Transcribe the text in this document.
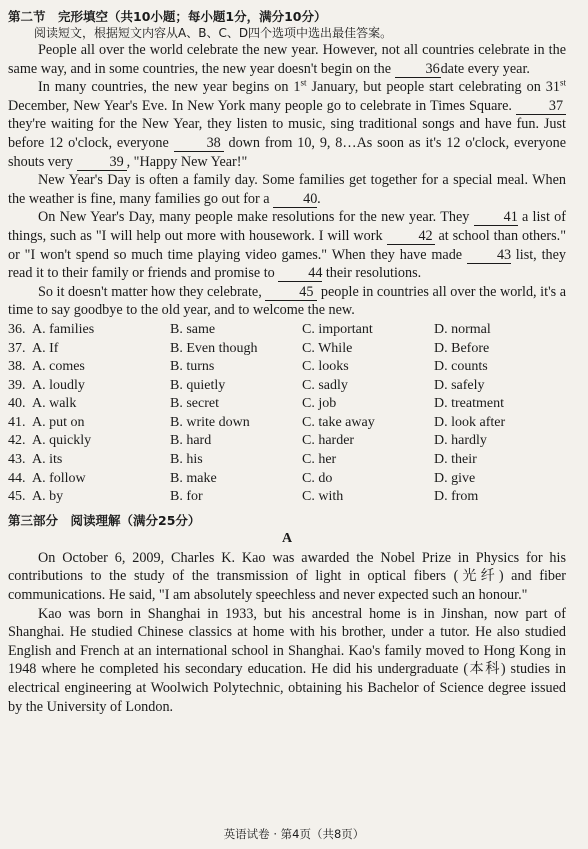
第二节　完形填空（共10小题；每小题1分，满分10分）
阅读短文，根据短文内容从A、B、C、D四个选项中选出最佳答案。

People all over the world celebrate the new year. However, not all countries celebrate in the same way, and in some countries, the new year doesn't begin on the 36date every year.

In many countries, the new year begins on 1st January, but people start celebrating on 31st December, New Year's Eve. In New York many people go to celebrate in Times Square. 37 they're waiting for the New Year, they listen to music, sing traditional songs and have fun. Just before 12 o'clock, everyone 38 down from 10, 9, 8…As soon as it's 12 o'clock, everyone shouts very 39 , "Happy New Year!"

New Year's Day is often a family day. Some families get together for a special meal. When the weather is fine, many families go out for a 40.

On New Year's Day, many people make resolutions for the new year. They 41 a list of things, such as "I will help out more with housework. I will work 42 at school than others." or "I won't spend so much time playing video games." When they have made 43 list, they read it to their family or friends and promise to 44 their resolutions.

So it doesn't matter how they celebrate, 45 people in countries all over the world, it's a time to say goodbye to the old year, and to welcome the new.

36. A. families	B. same	C. important	D. normal
37. A. If	B. Even though	C. While	D. Before
38. A. comes	B. turns	C. looks	D. counts
39. A. loudly	B. quietly	C. sadly	D. safely
40. A. walk	B. secret	C. job	D. treatment
41. A. put on	B. write down	C. take away	D. look after
42. A. quickly	B. hard	C. harder	D. hardly
43. A. its	B. his	C. her	D. their
44. A. follow	B. make	C. do	D. give
45. A. by	B. for	C. with	D. from
第三部分　阅读理解（满分25分）
A

On October 6, 2009, Charles K. Kao was awarded the Nobel Prize in Physics for his contributions to the study of the transmission of light in optical fibers (光纤) and fiber communications. He said, "I am absolutely speechless and never expected such an honour."

Kao was born in Shanghai in 1933, but his ancestral home is in Jinshan, now part of Shanghai. He studied Chinese classics at home with his brother, under a tutor. He also studied English and French at an international school in Shanghai. Kao's family moved to Hong Kong in 1948 where he completed his secondary education. He did his undergraduate (本科) studies in electrical engineering at Woolwich Polytechnic, obtaining his Bachelor of Science degree issued by the University of London.

英语试卷 · 第4页（共8页）
